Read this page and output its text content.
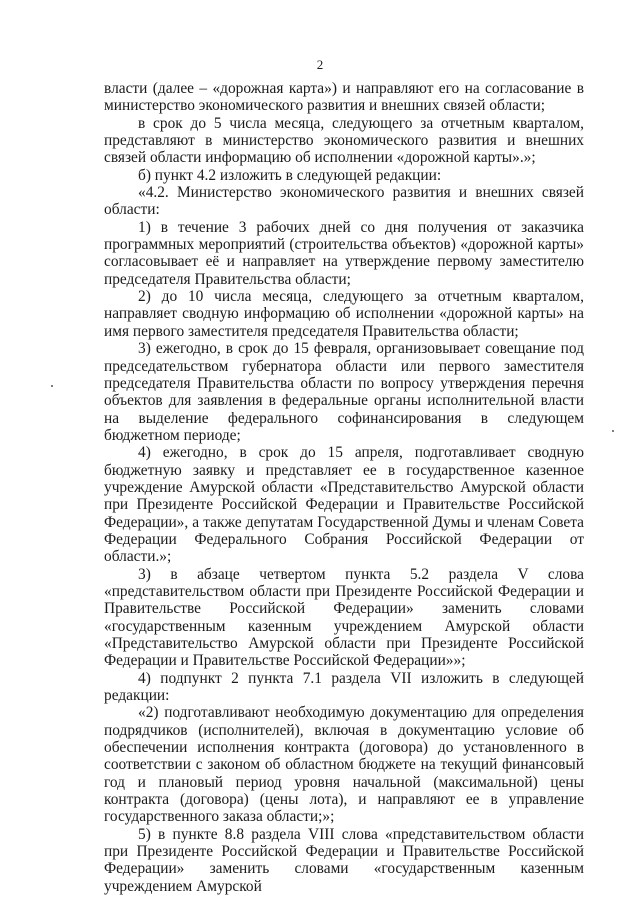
2

власти (далее – «дорожная карта») и направляют его на согласование в министерство экономического развития и внешних связей области;

в срок до 5 числа месяца, следующего за отчетным кварталом, представляют в министерство экономического развития и внешних связей области информацию об исполнении «дорожной карты».»;

б) пункт 4.2 изложить в следующей редакции:

«4.2. Министерство экономического развития и внешних связей области:

1) в течение 3 рабочих дней со дня получения от заказчика программных мероприятий (строительства объектов) «дорожной карты» согласовывает её и направляет на утверждение первому заместителю председателя Правительства области;

2) до 10 числа месяца, следующего за отчетным кварталом, направляет сводную информацию об исполнении «дорожной карты» на имя первого заместителя председателя Правительства области;

3) ежегодно, в срок до 15 февраля, организовывает совещание под председательством губернатора области или первого заместителя председателя Правительства области по вопросу утверждения перечня объектов для заявления в федеральные органы исполнительной власти на выделение федерального софинансирования в следующем бюджетном периоде;

4) ежегодно, в срок до 15 апреля, подготавливает сводную бюджетную заявку и представляет ее в государственное казенное учреждение Амурской области «Представительство Амурской области при Президенте Российской Федерации и Правительстве Российской Федерации», а также депутатам Государственной Думы и членам Совета Федерации Федерального Собрания Российской Федерации от области.»;

3) в абзаце четвертом пункта 5.2 раздела V слова «представительством области при Президенте Российской Федерации и Правительстве Российской Федерации» заменить словами «государственным казенным учреждением Амурской области «Представительство Амурской области при Президенте Российской Федерации и Правительстве Российской Федерации»»;

4) подпункт 2 пункта 7.1 раздела VII изложить в следующей редакции:

«2) подготавливают необходимую документацию для определения подрядчиков (исполнителей), включая в документацию условие об обеспечении исполнения контракта (договора) до установленного в соответствии с законом об областном бюджете на текущий финансовый год и плановый период уровня начальной (максимальной) цены контракта (договора) (цены лота), и направляют ее в управление государственного заказа области;»;

5) в пункте 8.8 раздела VIII слова «представительством области при Президенте Российской Федерации и Правительстве Российской Федерации» заменить словами «государственным казенным учреждением Амурской
